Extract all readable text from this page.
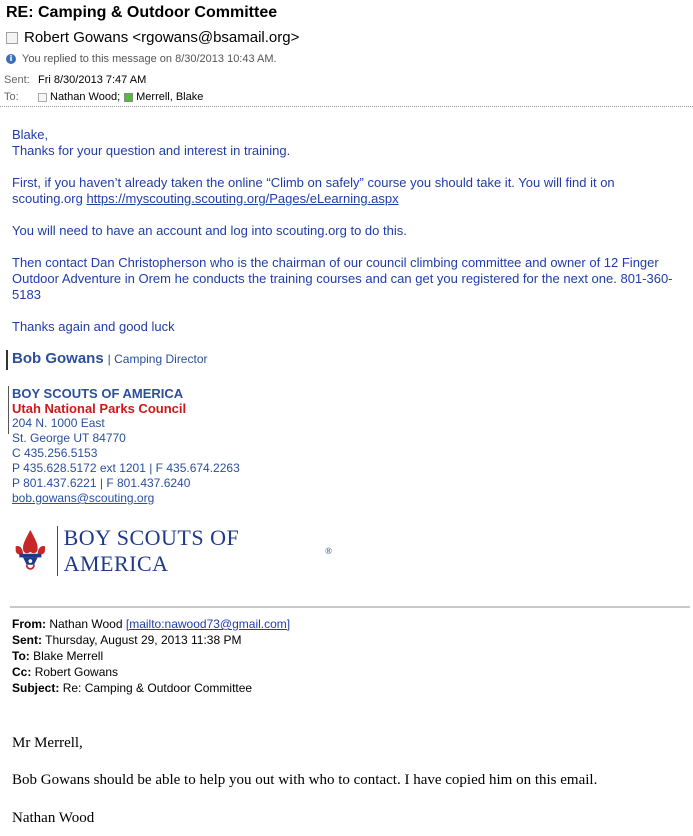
RE: Camping & Outdoor Committee
Robert Gowans <rgowans@bsamail.org>
i You replied to this message on 8/30/2013 10:43 AM.
Sent: Fri 8/30/2013 7:47 AM
To:	Nathan Wood; Merrell, Blake
Blake,
Thanks for your question and interest in training.
First, if you haven’t already taken the online “Climb on safely” course you should take it. You will find it on scouting.org https://myscouting.scouting.org/Pages/eLearning.aspx
You will need to have an account and log into scouting.org to do this.
Then contact Dan Christopherson who is the chairman of our council climbing committee and owner of 12 Finger Outdoor Adventure in Orem he conducts the training courses and can get you registered for the next one. 801-360-5183
Thanks again and good luck
Bob Gowans | Camping Director
BOY SCOUTS OF AMERICA
Utah National Parks Council
204 N. 1000 East
St. George UT 84770
C 435.256.5153
P 435.628.5172 ext 1201 | F 435.674.2263
P 801.437.6221 | F 801.437.6240
bob.gowans@scouting.org
BOY SCOUTS OF AMERICA	®
From: Nathan Wood [mailto:nawood73@gmail.com]
Sent: Thursday, August 29, 2013 11:38 PM
To: Blake Merrell
Cc: Robert Gowans
Subject: Re: Camping & Outdoor Committee
Mr Merrell,
Bob Gowans should be able to help you out with who to contact. I have copied him on this email.
Nathan Wood
